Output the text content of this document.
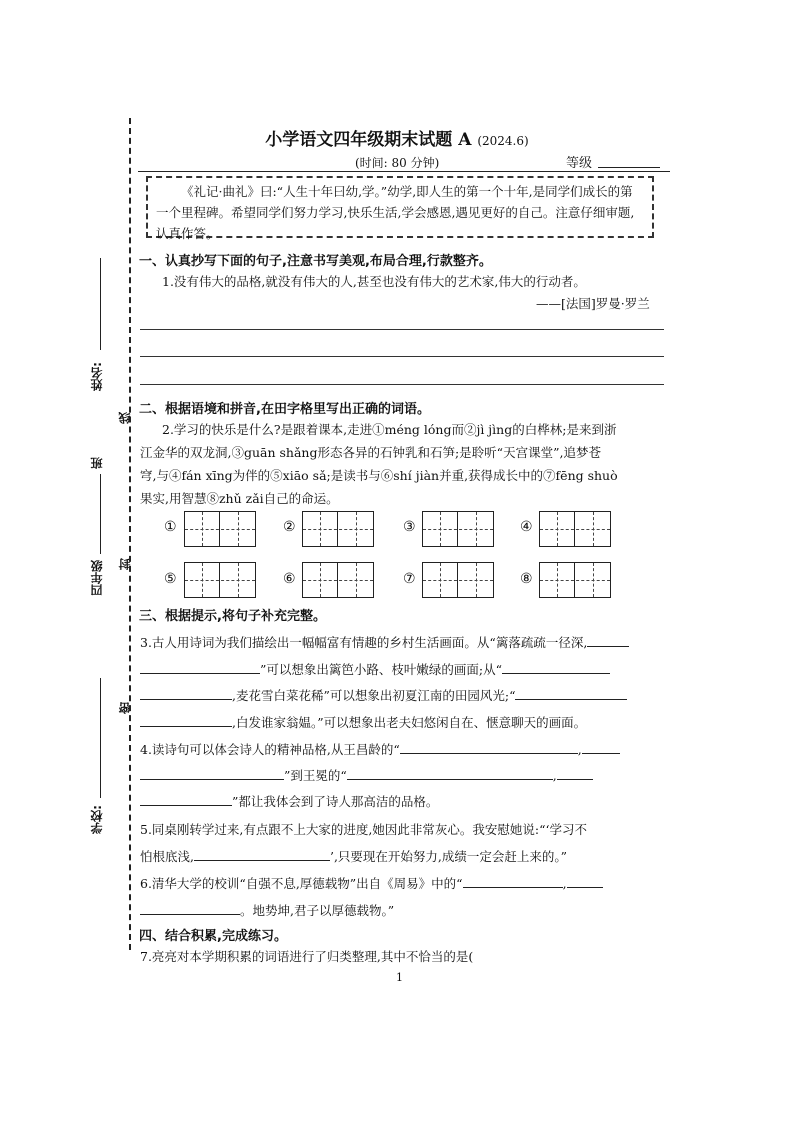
姓名:
班
四年级
学校:
线
封
密
小学语文四年级期末试题 A (2024.6)
(时间: 80 分钟)	等级
《礼记·曲礼》曰:“人生十年曰幼,学。”幼学,即人生的第一个十年,是同学们成长的第一个里程碑。希望同学们努力学习,快乐生活,学会感恩,遇见更好的自己。注意仔细审题,认真作答。
一、认真抄写下面的句子,注意书写美观,布局合理,行款整齐。
1.没有伟大的品格,就没有伟大的人,甚至也没有伟大的艺术家,伟大的行动者。
——[法国]罗曼·罗兰
二、根据语境和拼音,在田字格里写出正确的词语。
2.学习的快乐是什么?是跟着课本,走进①méng lóng而②jì jìng的白桦林;是来到浙
江金华的双龙洞,③guān shǎng形态各异的石钟乳和石笋;是聆听“天宫课堂”,追梦苍
穹,与④fán xīng为伴的⑤xiāo sǎ;是读书与⑥shí jiàn并重,获得成长中的⑦fēng shuò
果实,用智慧⑧zhǔ zǎi自己的命运。
①	②	③	④
⑤	⑥	⑦	⑧
三、根据提示,将句子补充完整。
3.古人用诗词为我们描绘出一幅幅富有情趣的乡村生活画面。从“篱落疏疏一径深,
”可以想象出篱笆小路、枝叶嫩绿的画面;从“
,麦花雪白菜花稀”可以想象出初夏江南的田园风光;“
,白发谁家翁媪。”可以想象出老夫妇悠闲自在、惬意聊天的画面。
4.读诗句可以体会诗人的精神品格,从王昌龄的“	,
”到王冕的“	,
”都让我体会到了诗人那高洁的品格。
5.同桌刚转学过来,有点跟不上大家的进度,她因此非常灰心。我安慰她说:“‘学习不
怕根底浅,	’,只要现在开始努力,成绩一定会赶上来的。”
6.清华大学的校训“自强不息,厚德载物”出自《周易》中的“	,
。地势坤,君子以厚德载物。”
四、结合积累,完成练习。
7.亮亮对本学期积累的词语进行了归类整理,其中不恰当的是(
1
